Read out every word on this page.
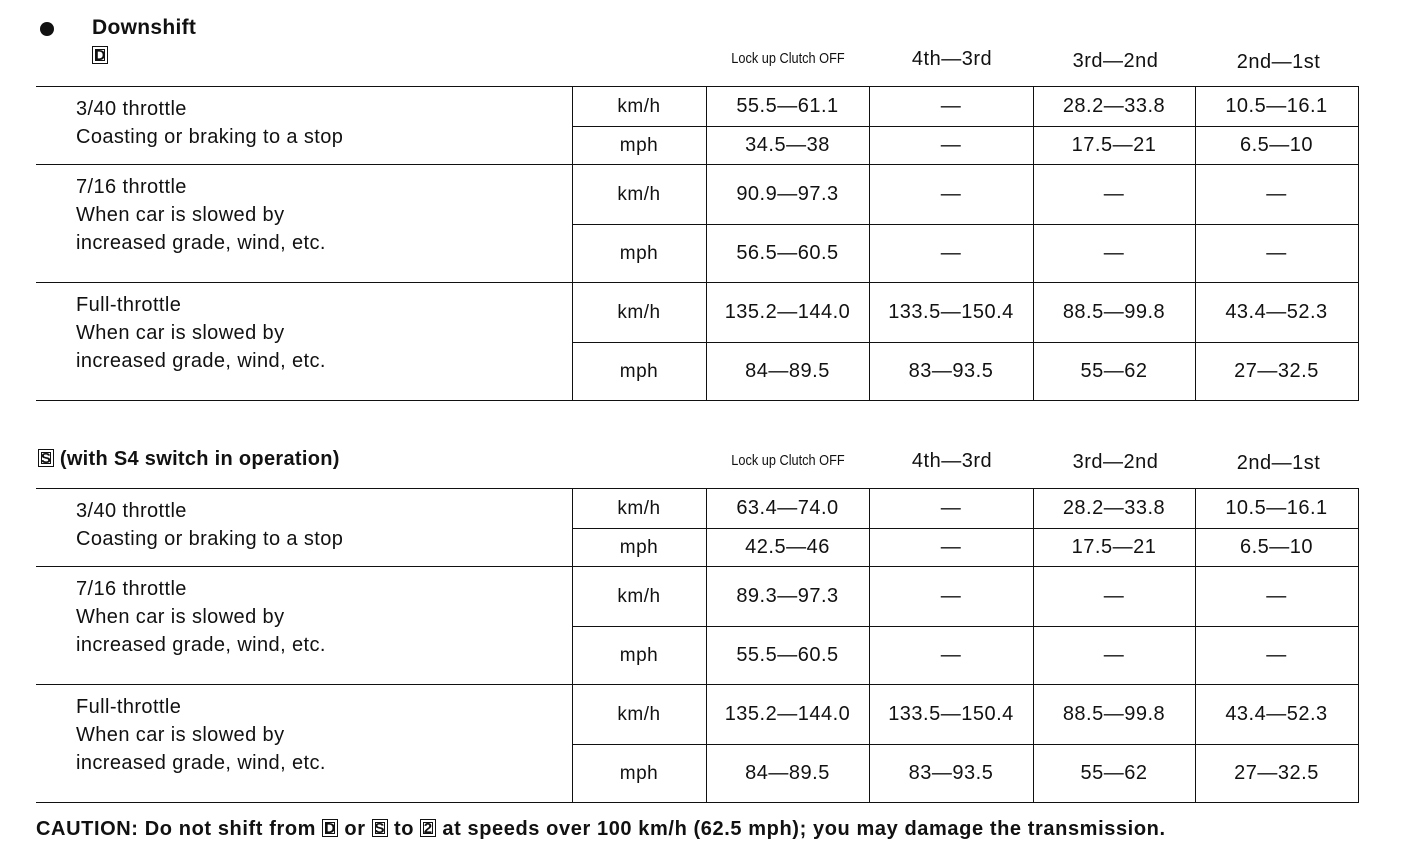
Downshift
D	Lock up Clutch OFF	4th—3rd	3rd—2nd	2nd—1st
3/40 throttle
Coasting or braking to a stop	km/h	55.5—61.1	—	28.2—33.8	10.5—16.1
	mph	34.5—38	—	17.5—21	6.5—10

7/16 throttle
When car is slowed by
increased grade, wind, etc.	km/h	90.9—97.3	—	—	—
	mph	56.5—60.5	—	—	—

Full-throttle
When car is slowed by
increased grade, wind, etc.	km/h	135.2—144.0	133.5—150.4	88.5—99.8	43.4—52.3
	mph	84—89.5	83—93.5	55—62	27—32.5
S (with S4 switch in operation)	Lock up Clutch OFF	4th—3rd	3rd—2nd	2nd—1st
3/40 throttle
Coasting or braking to a stop	km/h	63.4—74.0	—	28.2—33.8	10.5—16.1
	mph	42.5—46	—	17.5—21	6.5—10

7/16 throttle
When car is slowed by
increased grade, wind, etc.	km/h	89.3—97.3	—	—	—
	mph	55.5—60.5	—	—	—

Full-throttle
When car is slowed by
increased grade, wind, etc.	km/h	135.2—144.0	133.5—150.4	88.5—99.8	43.4—52.3
	mph	84—89.5	83—93.5	55—62	27—32.5
CAUTION: Do not shift from D or S to 2 at speeds over 100 km/h (62.5 mph); you may damage the transmission.
